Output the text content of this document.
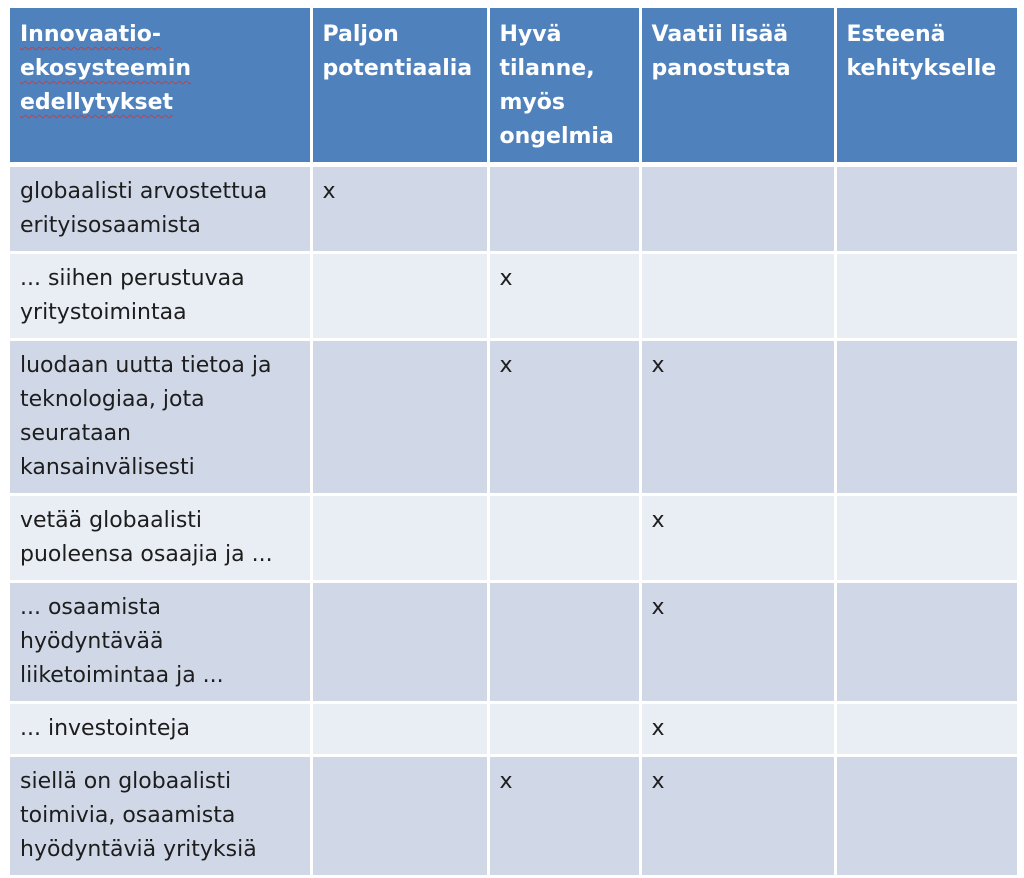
Innovaatio-ekosysteemin edellytykset	Paljon potentiaalia	Hyvä tilanne, myös ongelmia	Vaatii lisää panostusta	Esteenä kehitykselle
globaalisti arvostettua erityisosaamista	x			
... siihen perustuvaa yritystoimintaa		x		
luodaan uutta tietoa ja teknologiaa, jota seurataan kansainvälisesti		x	x	
vetää globaalisti puoleensa osaajia ja ...			x	
... osaamista hyödyntävää liiketoimintaa ja ...			x	
... investointeja			x	
siellä on globaalisti toimivia, osaamista hyödyntäviä yrityksiä		x	x	
